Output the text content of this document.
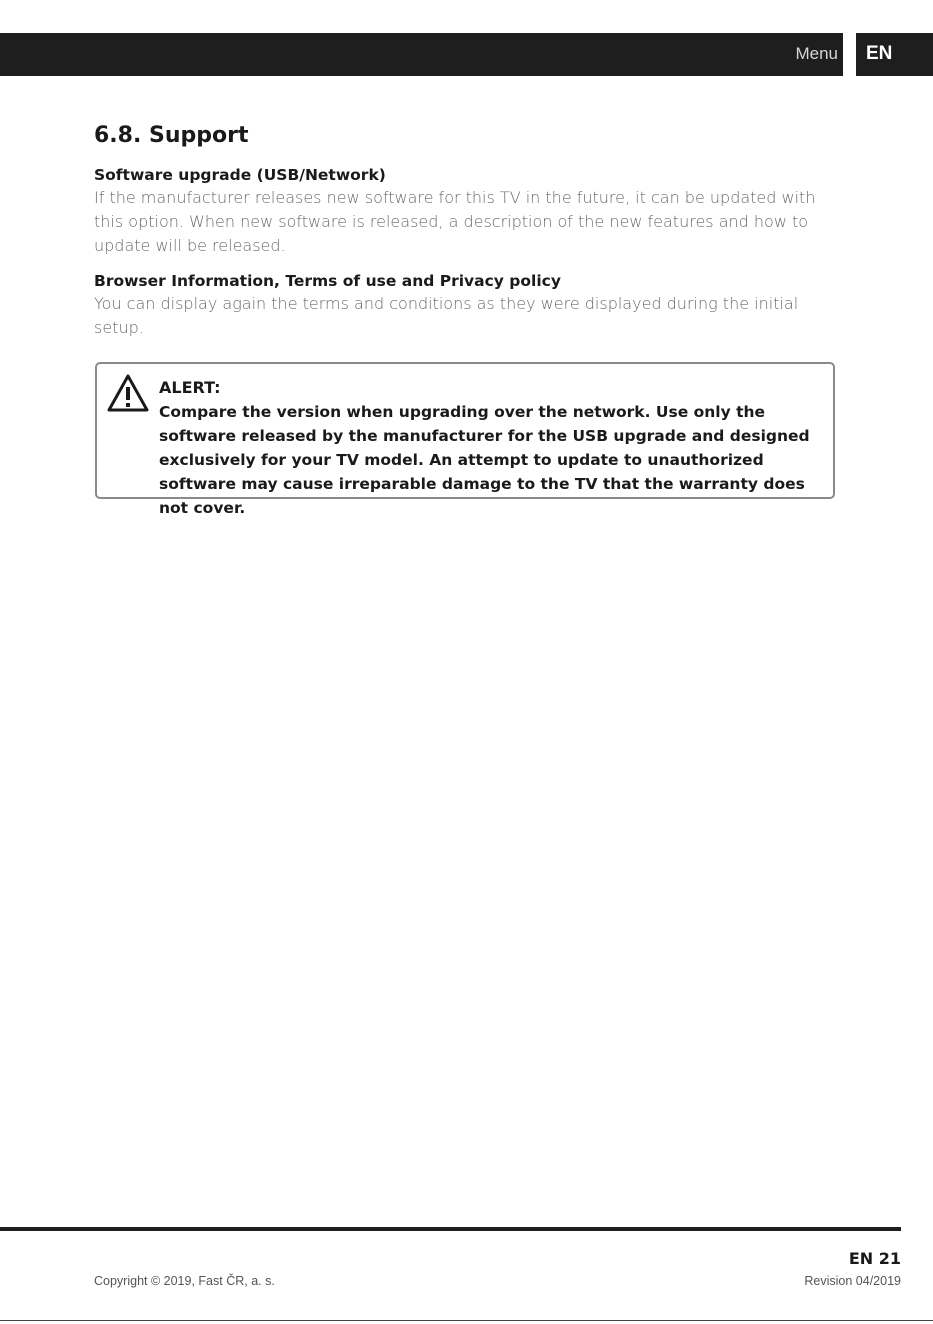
Menu EN
6.8. Support
Software upgrade (USB/Network)

If the manufacturer releases new software for this TV in the future, it can be updated with this option. When new software is released, a description of the new features and how to update will be released.

Browser Information, Terms of use and Privacy policy

You can display again the terms and conditions as they were displayed during the initial setup.

ALERT:
Compare the version when upgrading over the network. Use only the software released by the manufacturer for the USB upgrade and designed exclusively for your TV model. An attempt to update to unauthorized software may cause irreparable damage to the TV that the warranty does not cover.
EN 21
Copyright © 2019, Fast ČR, a. s.	Revision 04/2019
